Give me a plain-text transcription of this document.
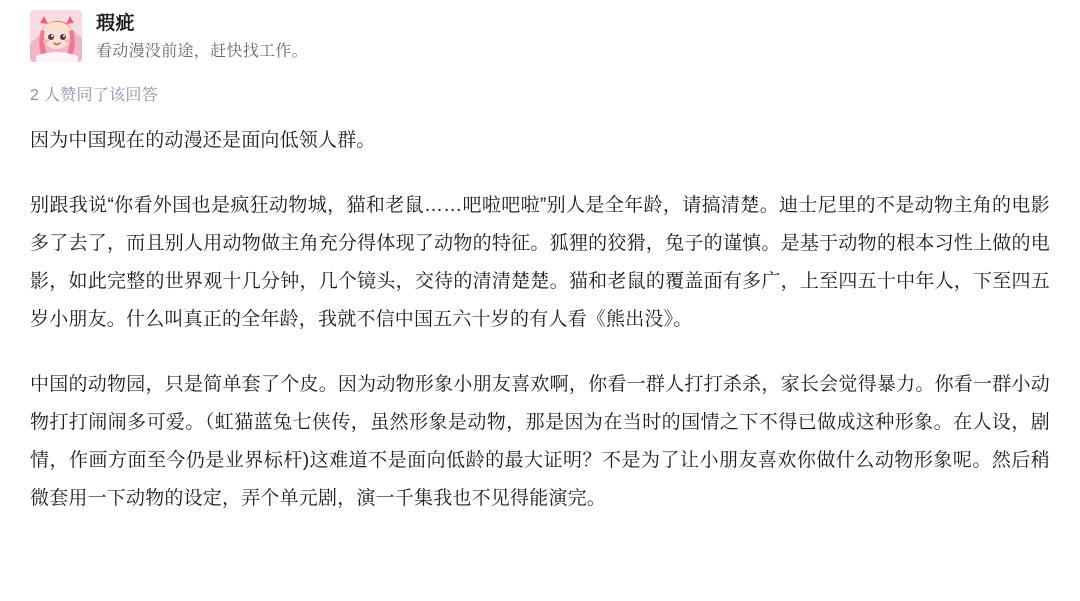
瑕疵
看动漫没前途，赶快找工作。
2 人赞同了该回答

因为中国现在的动漫还是面向低领人群。

别跟我说“你看外国也是疯狂动物城，猫和老鼠……吧啦吧啦”别人是全年龄，请搞清楚。迪士尼里的不是动物主角的电影多了去了，而且别人用动物做主角充分得体现了动物的特征。狐狸的狡猾，兔子的谨慎。是基于动物的根本习性上做的电影，如此完整的世界观十几分钟，几个镜头，交待的清清楚楚。猫和老鼠的覆盖面有多广，上至四五十中年人，下至四五岁小朋友。什么叫真正的全年龄，我就不信中国五六十岁的有人看《熊出没》。

中国的动物园，只是简单套了个皮。因为动物形象小朋友喜欢啊，你看一群人打打杀杀，家长会觉得暴力。你看一群小动物打打闹闹多可爱。（虹猫蓝兔七侠传，虽然形象是动物，那是因为在当时的国情之下不得已做成这种形象。在人设，剧情，作画方面至今仍是业界标杆)这难道不是面向低龄的最大证明？不是为了让小朋友喜欢你做什么动物形象呢。然后稍微套用一下动物的设定，弄个单元剧，演一千集我也不见得能演完。
